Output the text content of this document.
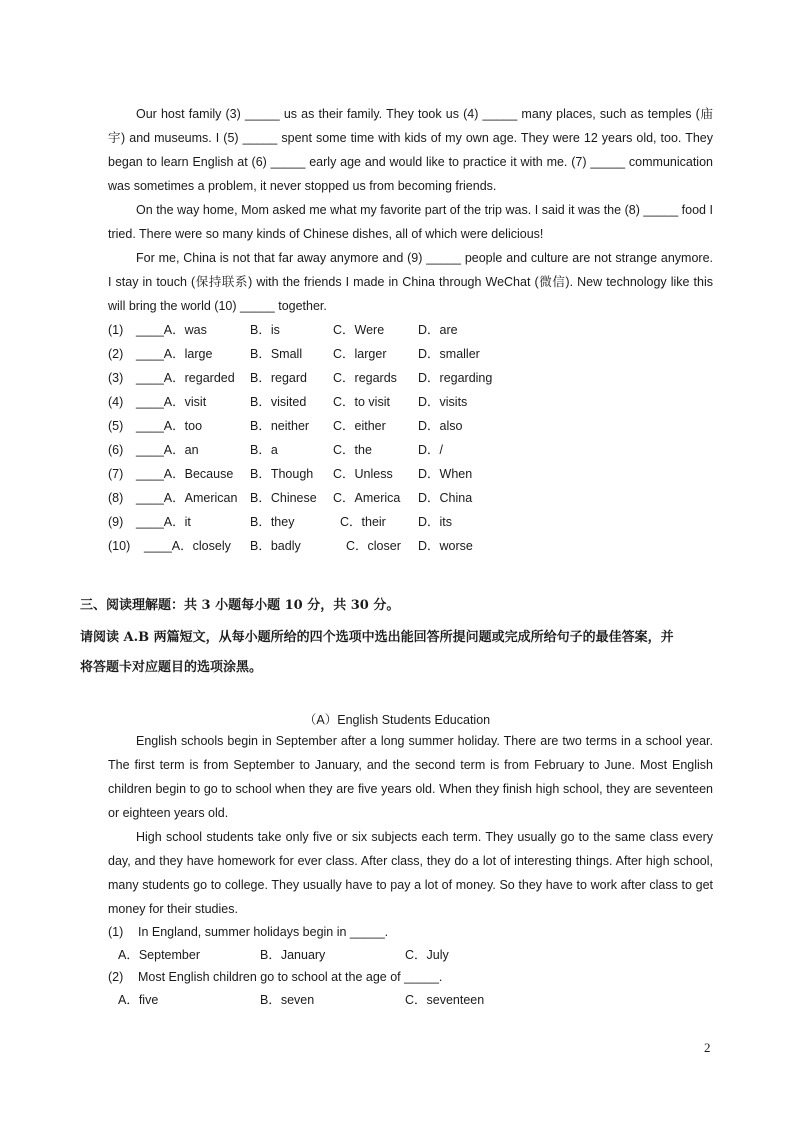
Our host family (3) _____ us as their family. They took us (4) _____ many places, such as temples (庙宇) and museums. I (5) _____ spent some time with kids of my own age. They were 12 years old, too. They began to learn English at (6) _____ early age and would like to practice it with me. (7) _____ communication was sometimes a problem, it never stopped us from becoming friends.

On the way home, Mom asked me what my favorite part of the trip was. I said it was the (8) _____ food I tried. There were so many kinds of Chinese dishes, all of which were delicious!

For me, China is not that far away anymore and (9) _____ people and culture are not strange anymore. I stay in touch (保持联系) with the friends I made in China through WeChat (微信). New technology like this will bring the world (10) _____ together.

(1) ____A．was	B．is	C．Were	D．are
(2) ____A．large	B．Small C．larger	D．smaller
(3) ____A．regarded B．regard C．regards D．regarding
(4) ____A．visit	B．visited C．to visit D．visits
(5) ____A．too	B．neither C．either	D．also
(6) ____A．an	B．a	C．the	D．/
(7) ____A．Because B．Though C．Unless D．When
(8) ____A．American B．Chinese C．America D．China
(9) ____A．it	B．they	C．their	D．its
(10) ____A．closely B．badly	C．closer D．worse

三、阅读理解题：共 3 小题每小题 10 分，共 30 分。

请阅读 A.B 两篇短文，从每小题所给的四个选项中选出能回答所提问题或完成所给句子的最佳答案，并

将答题卡对应题目的选项涂黑。

（A）English Students Education

English schools begin in September after a long summer holiday. There are two terms in a school year. The first term is from September to January, and the second term is from February to June. Most English children begin to go to school when they are five years old. When they finish high school, they are seventeen or eighteen years old.

High school students take only five or six subjects each term. They usually go to the same class every day, and they have homework for ever class. After class, they do a lot of interesting things. After high school, many students go to college. They usually have to pay a lot of money. So they have to work after class to get money for their studies.

(1) In England, summer holidays begin in _____.
A．September	B．January	C．July
(2) Most English children go to school at the age of _____.
A．five	B．seven	C．seventeen
2
